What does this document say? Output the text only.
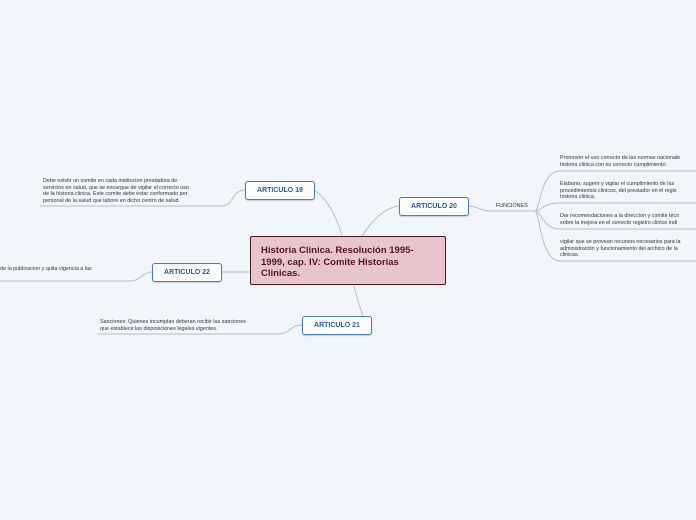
Historia Clinica. Resolución 1995-1999, cap. IV: Comite Historias Clinicas.
ARTICULO 19
Debe existir un comite en cada institucion prestadora de
servicios en salud, que se encargue de vigilar el correcto uso
de la historia clinica. Este comite debe estar conformado por
personal de la salud que labore en dicho centro de salud.
ARTICULO 20	FUNCIONES
Promover el uso correcto de las normas nacionale
historia clinica con su correcto cumplimiento.
Elaborar, sugerir y vigilar el cumplimiento de las
procedimientos clinicos, del prestador en el regis
historia clinica.
Dar recomendaciones a la direccion y comite técn
sobre la mejora en el correcto registro clinico indi
vigilar que se provean recursos necesarios para la
administración y funcionamiento del archico de la
clinicas.
ARTICULO 22
de la publicacion y quita vigencia a las
ARTICULO 21
Sanciones: Quienes incumplan deberan recibir las sanciones
que establece las disposiciones legales vigentes.
